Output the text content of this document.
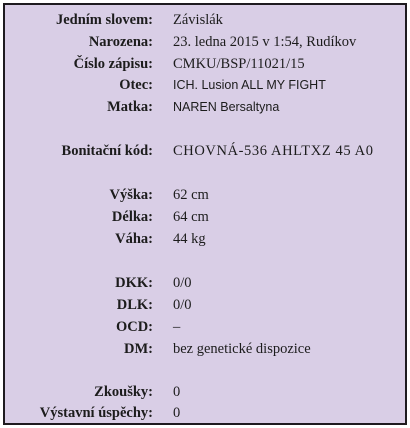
Jedním slovem: Závislák
Narozena: 23. ledna 2015 v 1:54, Rudíkov
Číslo zápisu: CMKU/BSP/11021/15
Otec: ICH. Lusion ALL MY FIGHT
Matka: NAREN Bersaltyna
Bonitační kód: CHOVNÁ-536 AHLTXZ 45 A0
Výška: 62 cm
Délka: 64 cm
Váha: 44 kg
DKK: 0/0
DLK: 0/0
OCD: –
DM: bez genetické dispozice
Zkoušky: 0
Výstavní úspěchy: 0
